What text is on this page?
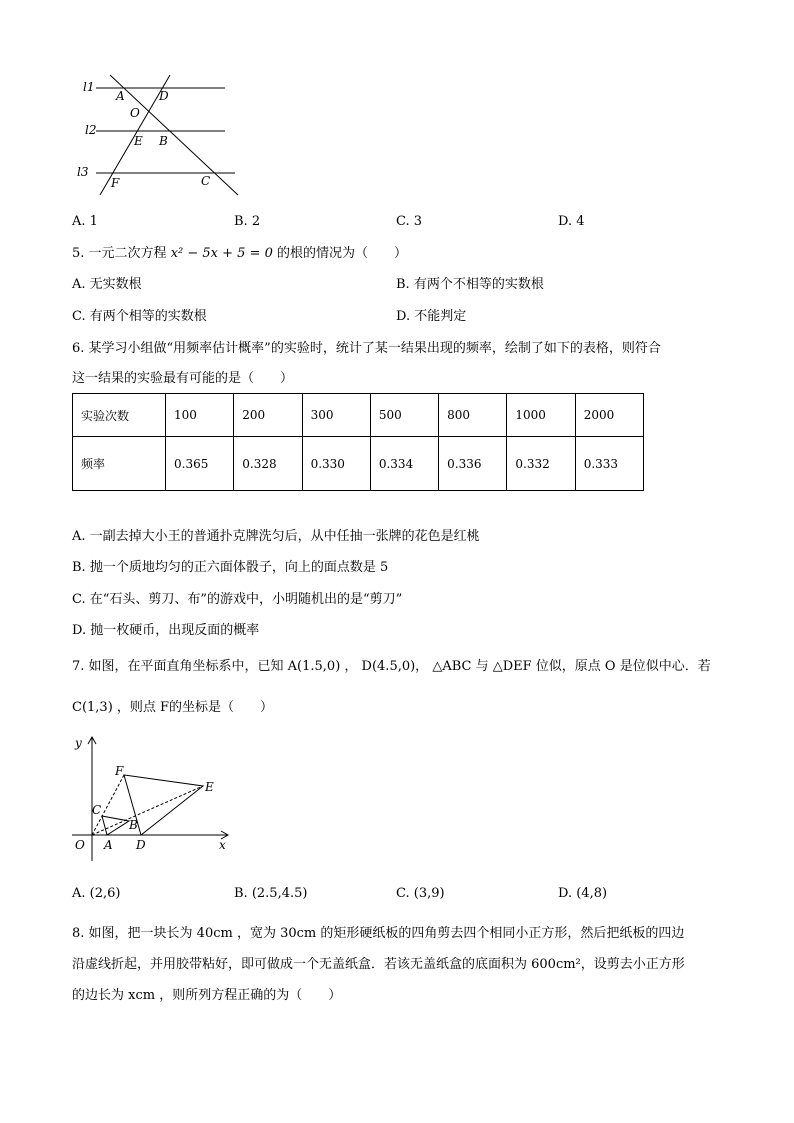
l1
l2
l3
A	D
O
E B
F	C
A. 1	B. 2	C. 3	D. 4
5. 一元二次方程 x² − 5x + 5 = 0 的根的情况为（　　）
A. 无实数根	B. 有两个不相等的实数根
C. 有两个相等的实数根	D. 不能判定
6. 某学习小组做“用频率估计概率”的实验时，统计了某一结果出现的频率，绘制了如下的表格，则符合
这一结果的实验最有可能的是（　　）
实验次数	100	200	300	500	800	1000	2000
频率	0.365	0.328	0.330	0.334	0.336	0.332	0.333
A. 一副去掉大小王的普通扑克牌洗匀后，从中任抽一张牌的花色是红桃
B. 抛一个质地均匀的正六面体骰子，向上的面点数是 5
C. 在“石头、剪刀、布”的游戏中，小明随机出的是“剪刀”
D. 抛一枚硬币，出现反面的概率
7. 如图，在平面直角坐标系中，已知 A(1.5,0) ， D(4.5,0)， △ABC 与 △DEF 位似，原点 O 是位似中心．若
C(1,3) ，则点 F的坐标是（　　）
y
x
O A D
B
C
E
F
A. (2,6)	B. (2.5,4.5)	C. (3,9)	D. (4,8)
8. 如图，把一块长为 40cm ，宽为 30cm 的矩形硬纸板的四角剪去四个相同小正方形，然后把纸板的四边
沿虚线折起，并用胶带粘好，即可做成一个无盖纸盒．若该无盖纸盒的底面积为 600cm²，设剪去小正方形
的边长为 xcm ，则所列方程正确的为（　　）
